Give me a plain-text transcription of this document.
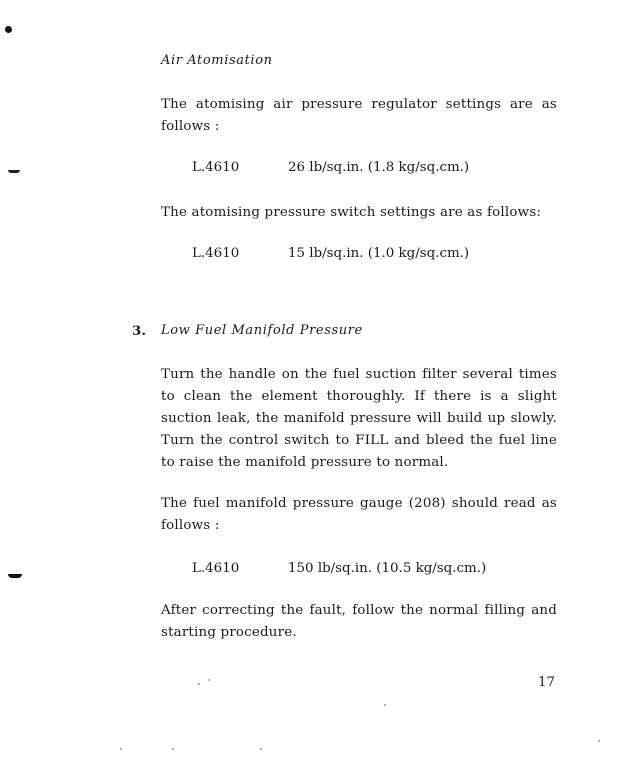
Air Atomisation
The atomising air pressure regulator settings are as follows :
L.4610	26 lb/sq.in. (1.8 kg/sq.cm.)
The atomising pressure switch settings are as follows:
L.4610	15 lb/sq.in. (1.0 kg/sq.cm.)
3. Low Fuel Manifold Pressure
Turn the handle on the fuel suction filter several times to clean the element thoroughly. If there is a slight suction leak, the manifold pressure will build up slowly. Turn the control switch to FILL and bleed the fuel line to raise the manifold pressure to normal.
The fuel manifold pressure gauge (208) should read as follows :
L.4610	150 lb/sq.in. (10.5 kg/sq.cm.)
After correcting the fault, follow the normal filling and starting procedure.
17
